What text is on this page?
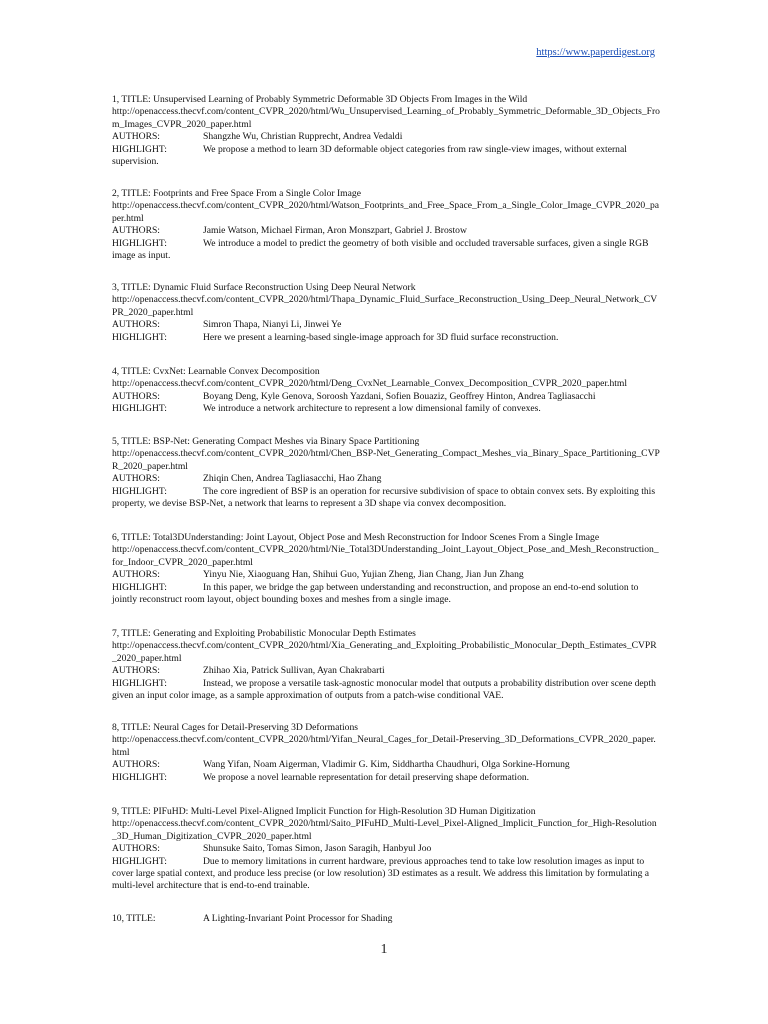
https://www.paperdigest.org

1, TITLE: Unsupervised Learning of Probably Symmetric Deformable 3D Objects From Images in the Wild

http://openaccess.thecvf.com/content_CVPR_2020/html/Wu_Unsupervised_Learning_of_Probably_Symmetric_Deformable_3D_Objects_From_Images_CVPR_2020_paper.html

AUTHORS:	Shangzhe Wu, Christian Rupprecht, Andrea Vedaldi

HIGHLIGHT:	We propose a method to learn 3D deformable object categories from raw single-view images, without external supervision.

2, TITLE: Footprints and Free Space From a Single Color Image

http://openaccess.thecvf.com/content_CVPR_2020/html/Watson_Footprints_and_Free_Space_From_a_Single_Color_Image_CVPR_2020_paper.html

AUTHORS:	Jamie Watson, Michael Firman, Aron Monszpart, Gabriel J. Brostow

HIGHLIGHT:	We introduce a model to predict the geometry of both visible and occluded traversable surfaces, given a single RGB image as input.

3, TITLE: Dynamic Fluid Surface Reconstruction Using Deep Neural Network

http://openaccess.thecvf.com/content_CVPR_2020/html/Thapa_Dynamic_Fluid_Surface_Reconstruction_Using_Deep_Neural_Network_CVPR_2020_paper.html

AUTHORS:	Simron Thapa, Nianyi Li, Jinwei Ye

HIGHLIGHT:	Here we present a learning-based single-image approach for 3D fluid surface reconstruction.

4, TITLE: CvxNet: Learnable Convex Decomposition

http://openaccess.thecvf.com/content_CVPR_2020/html/Deng_CvxNet_Learnable_Convex_Decomposition_CVPR_2020_paper.html

AUTHORS:	Boyang Deng, Kyle Genova, Soroosh Yazdani, Sofien Bouaziz, Geoffrey Hinton, Andrea Tagliasacchi

HIGHLIGHT:	We introduce a network architecture to represent a low dimensional family of convexes.

5, TITLE: BSP-Net: Generating Compact Meshes via Binary Space Partitioning

http://openaccess.thecvf.com/content_CVPR_2020/html/Chen_BSP-Net_Generating_Compact_Meshes_via_Binary_Space_Partitioning_CVPR_2020_paper.html

AUTHORS:	Zhiqin Chen, Andrea Tagliasacchi, Hao Zhang

HIGHLIGHT:	The core ingredient of BSP is an operation for recursive subdivision of space to obtain convex sets. By exploiting this property, we devise BSP-Net, a network that learns to represent a 3D shape via convex decomposition.

6, TITLE: Total3DUnderstanding: Joint Layout, Object Pose and Mesh Reconstruction for Indoor Scenes From a Single Image

http://openaccess.thecvf.com/content_CVPR_2020/html/Nie_Total3DUnderstanding_Joint_Layout_Object_Pose_and_Mesh_Reconstruction_for_Indoor_CVPR_2020_paper.html

AUTHORS:	Yinyu Nie, Xiaoguang Han, Shihui Guo, Yujian Zheng, Jian Chang, Jian Jun Zhang

HIGHLIGHT:	In this paper, we bridge the gap between understanding and reconstruction, and propose an end-to-end solution to jointly reconstruct room layout, object bounding boxes and meshes from a single image.

7, TITLE: Generating and Exploiting Probabilistic Monocular Depth Estimates

http://openaccess.thecvf.com/content_CVPR_2020/html/Xia_Generating_and_Exploiting_Probabilistic_Monocular_Depth_Estimates_CVPR_2020_paper.html

AUTHORS:	Zhihao Xia, Patrick Sullivan, Ayan Chakrabarti

HIGHLIGHT:	Instead, we propose a versatile task-agnostic monocular model that outputs a probability distribution over scene depth given an input color image, as a sample approximation of outputs from a patch-wise conditional VAE.

8, TITLE: Neural Cages for Detail-Preserving 3D Deformations

http://openaccess.thecvf.com/content_CVPR_2020/html/Yifan_Neural_Cages_for_Detail-Preserving_3D_Deformations_CVPR_2020_paper.html

AUTHORS:	Wang Yifan, Noam Aigerman, Vladimir G. Kim, Siddhartha Chaudhuri, Olga Sorkine-Hornung

HIGHLIGHT:	We propose a novel learnable representation for detail preserving shape deformation.

9, TITLE: PIFuHD: Multi-Level Pixel-Aligned Implicit Function for High-Resolution 3D Human Digitization

http://openaccess.thecvf.com/content_CVPR_2020/html/Saito_PIFuHD_Multi-Level_Pixel-Aligned_Implicit_Function_for_High-Resolution_3D_Human_Digitization_CVPR_2020_paper.html

AUTHORS:	Shunsuke Saito, Tomas Simon, Jason Saragih, Hanbyul Joo

HIGHLIGHT:	Due to memory limitations in current hardware, previous approaches tend to take low resolution images as input to cover large spatial context, and produce less precise (or low resolution) 3D estimates as a result. We address this limitation by formulating a multi-level architecture that is end-to-end trainable.

10, TITLE:	A Lighting-Invariant Point Processor for Shading
1
